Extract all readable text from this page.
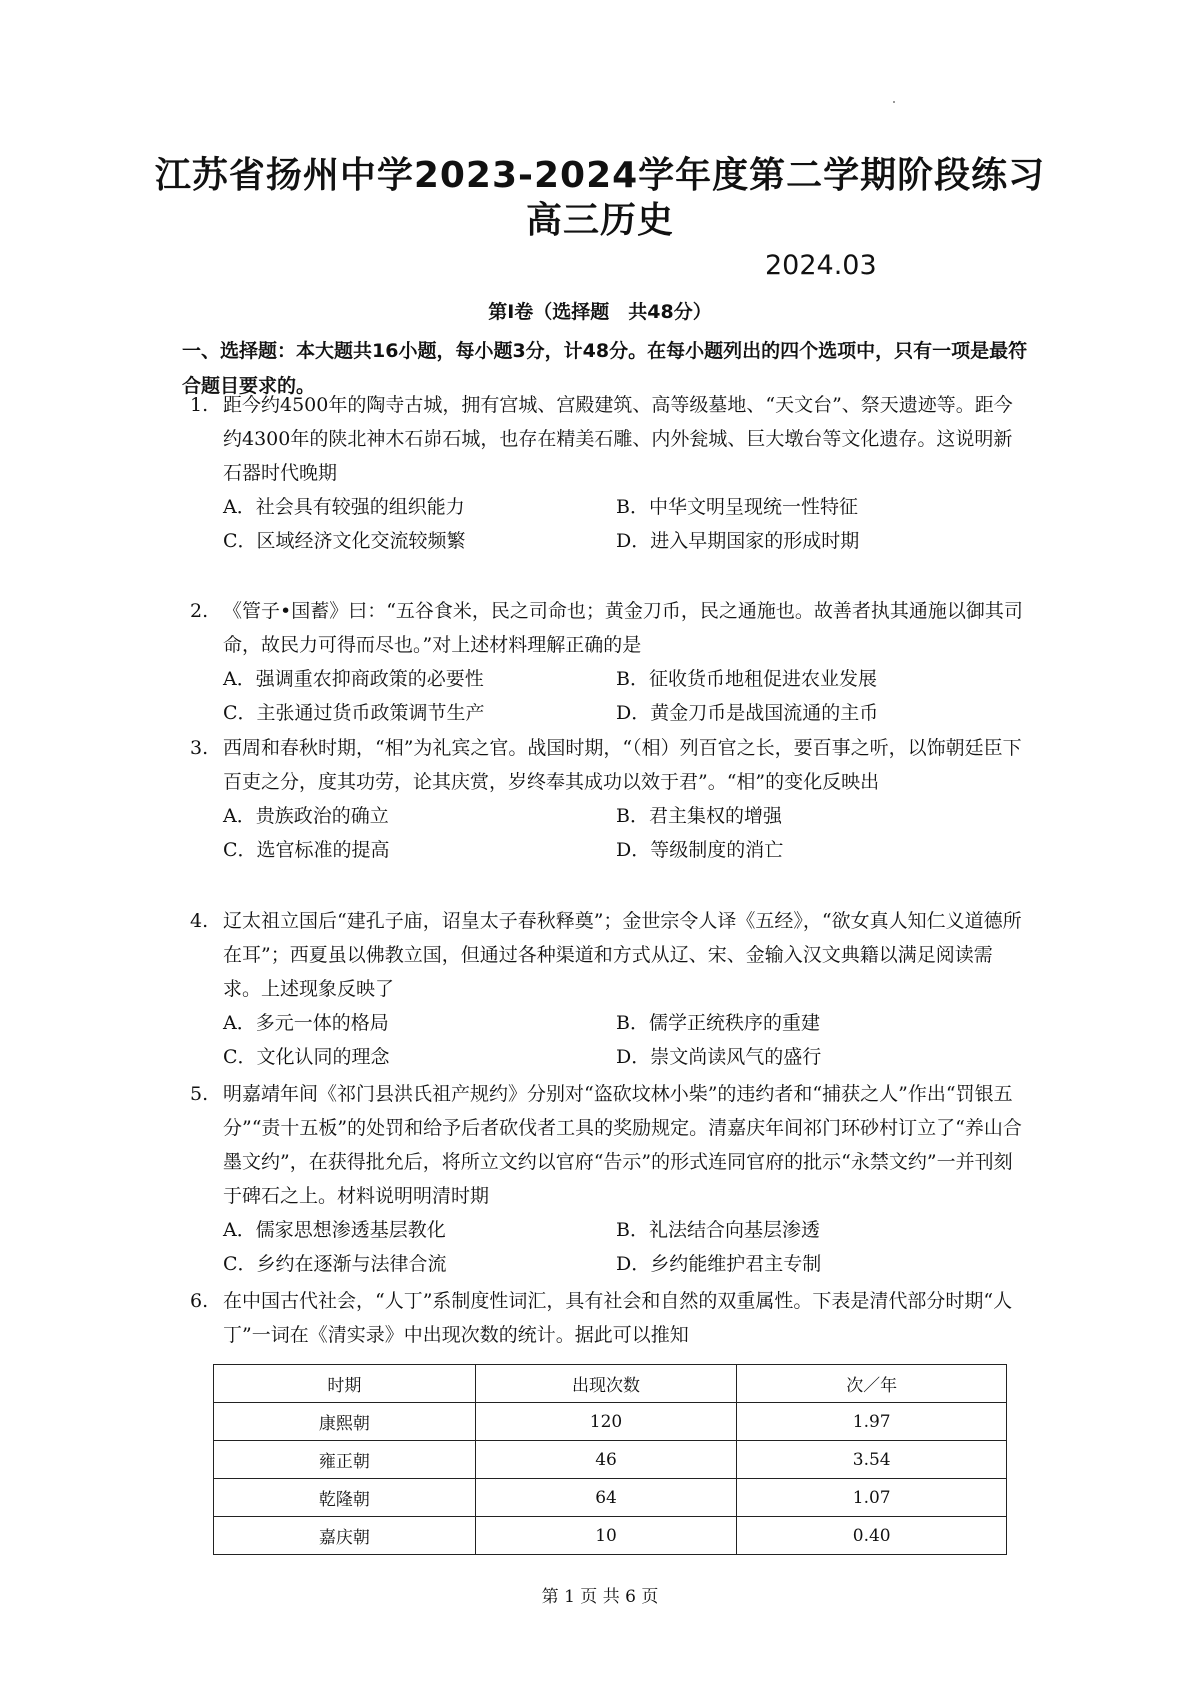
江苏省扬州中学2023-2024学年度第二学期阶段练习
高三历史
2024.03
第Ⅰ卷（选择题　共48分）
一、选择题：本大题共16小题，每小题3分，计48分。在每小题列出的四个选项中，只有一项是最符合题目要求的。
1. 距今约4500年的陶寺古城，拥有宫城、宫殿建筑、高等级墓地、“天文台”、祭天遗迹等。距今约4300年的陕北神木石峁石城，也存在精美石雕、内外瓮城、巨大墩台等文化遗存。这说明新石器时代晚期
A．社会具有较强的组织能力	B．中华文明呈现统一性特征
C．区域经济文化交流较频繁	D．进入早期国家的形成时期
2. 《管子•国蓄》曰：“五谷食米，民之司命也；黄金刀币，民之通施也。故善者执其通施以御其司命，故民力可得而尽也。”对上述材料理解正确的是
A．强调重农抑商政策的必要性	B．征收货币地租促进农业发展
C．主张通过货币政策调节生产	D．黄金刀币是战国流通的主币
3. 西周和春秋时期，“相”为礼宾之官。战国时期，“（相）列百官之长，要百事之听，以饰朝廷臣下百吏之分，度其功劳，论其庆赏，岁终奉其成功以效于君”。“相”的变化反映出
A．贵族政治的确立	B．君主集权的增强
C．选官标准的提高	D．等级制度的消亡
4. 辽太祖立国后“建孔子庙，诏皇太子春秋释奠”；金世宗令人译《五经》，“欲女真人知仁义道德所在耳”；西夏虽以佛教立国，但通过各种渠道和方式从辽、宋、金输入汉文典籍以满足阅读需求。上述现象反映了
A．多元一体的格局	B．儒学正统秩序的重建
C．文化认同的理念	D．崇文尚读风气的盛行
5. 明嘉靖年间《祁门县洪氏祖产规约》分别对“盗砍坟林小柴”的违约者和“捕获之人”作出“罚银五分”“责十五板”的处罚和给予后者砍伐者工具的奖励规定。清嘉庆年间祁门环砂村订立了“养山合墨文约”，在获得批允后，将所立文约以官府“告示”的形式连同官府的批示“永禁文约”一并刊刻于碑石之上。材料说明明清时期
A．儒家思想渗透基层教化	B．礼法结合向基层渗透
C．乡约在逐渐与法律合流	D．乡约能维护君主专制
6. 在中国古代社会，“人丁”系制度性词汇，具有社会和自然的双重属性。下表是清代部分时期“人丁”一词在《清实录》中出现次数的统计。据此可以推知
时期	出现次数	次／年
康熙朝	120	1.97
雍正朝	46	3.54
乾隆朝	64	1.07
嘉庆朝	10	0.40
第 1 页 共 6 页
